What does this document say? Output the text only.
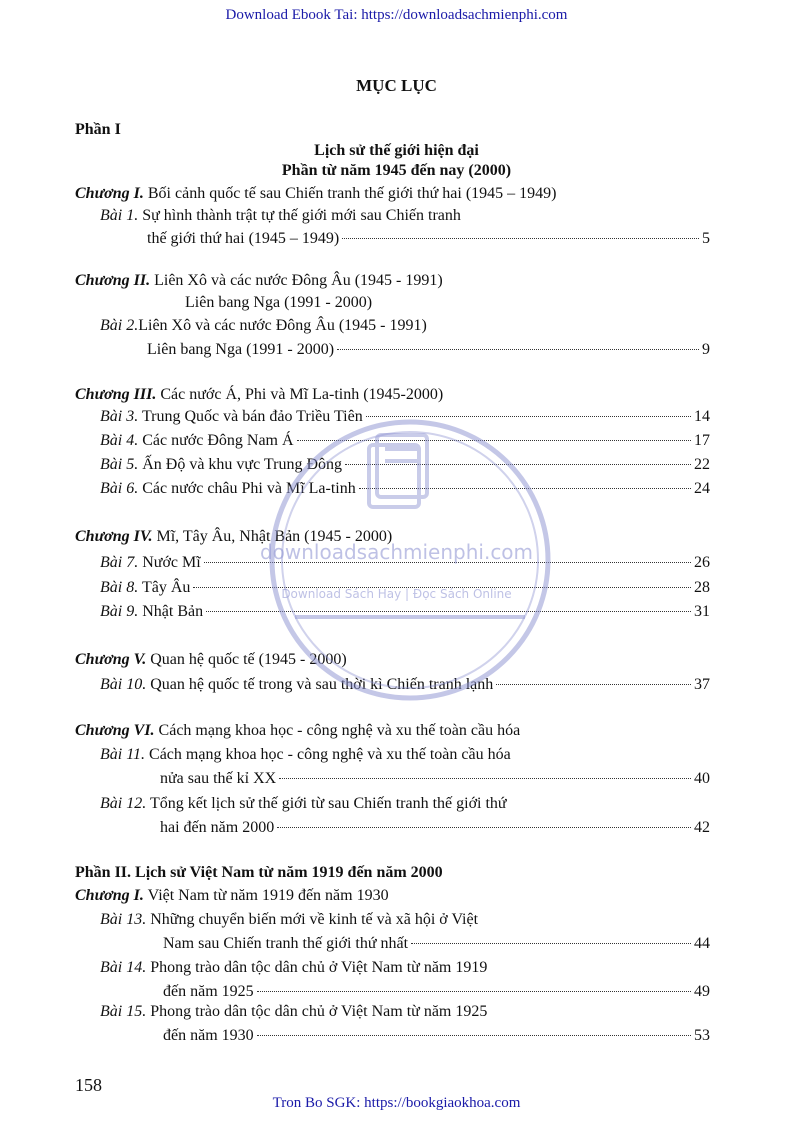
Download Ebook Tai: https://downloadsachmienphi.com
MỤC LỤC
Phần I
Lịch sử thế giới hiện đại
Phần từ năm 1945 đến nay (2000)
Chương I. Bối cảnh quốc tế sau Chiến tranh thế giới thứ hai (1945 – 1949)
Bài 1. Sự hình thành trật tự thế giới mới sau Chiến tranh
thế giới thứ hai (1945 – 1949)	5
Chương II. Liên Xô và các nước Đông Âu (1945 - 1991)
Liên bang Nga (1991 - 2000)
Bài 2.Liên Xô và các nước Đông Âu (1945 - 1991)
Liên bang Nga (1991 - 2000)	9
Chương III. Các nước Á, Phi và Mĩ La-tinh (1945-2000)
Bài 3. Trung Quốc và bán đảo Triều Tiên	14
Bài 4. Các nước Đông Nam Á	17
Bài 5. Ấn Độ và khu vực Trung Đông	22
Bài 6. Các nước châu Phi và Mĩ La-tinh	24
Chương IV. Mĩ, Tây Âu, Nhật Bản (1945 - 2000)
Bài 7. Nước Mĩ	26
Bài 8. Tây Âu	28
Bài 9. Nhật Bản	31
Chương V. Quan hệ quốc tế (1945 - 2000)
Bài 10. Quan hệ quốc tế trong và sau thời kì Chiến tranh lạnh	37
Chương VI. Cách mạng khoa học - công nghệ và xu thế toàn cầu hóa
Bài 11. Cách mạng khoa học - công nghệ và xu thế toàn cầu hóa
nửa sau thế kỉ XX	40
Bài 12. Tổng kết lịch sử thế giới từ sau Chiến tranh thế giới thứ
hai đến năm 2000	42
Phần II. Lịch sử Việt Nam từ năm 1919 đến năm 2000
Chương I. Việt Nam từ năm 1919 đến năm 1930
Bài 13. Những chuyển biến mới về kinh tế và xã hội ở Việt
Nam sau Chiến tranh thế giới thứ nhất	44
Bài 14. Phong trào dân tộc dân chủ ở Việt Nam từ năm 1919
đến năm 1925	49
Bài 15. Phong trào dân tộc dân chủ ở Việt Nam từ năm 1925
đến năm 1930	53
downloadsachmienphi.com
Download Sách Hay | Đọc Sách Online
158
Tron Bo SGK: https://bookgiaokhoa.com
